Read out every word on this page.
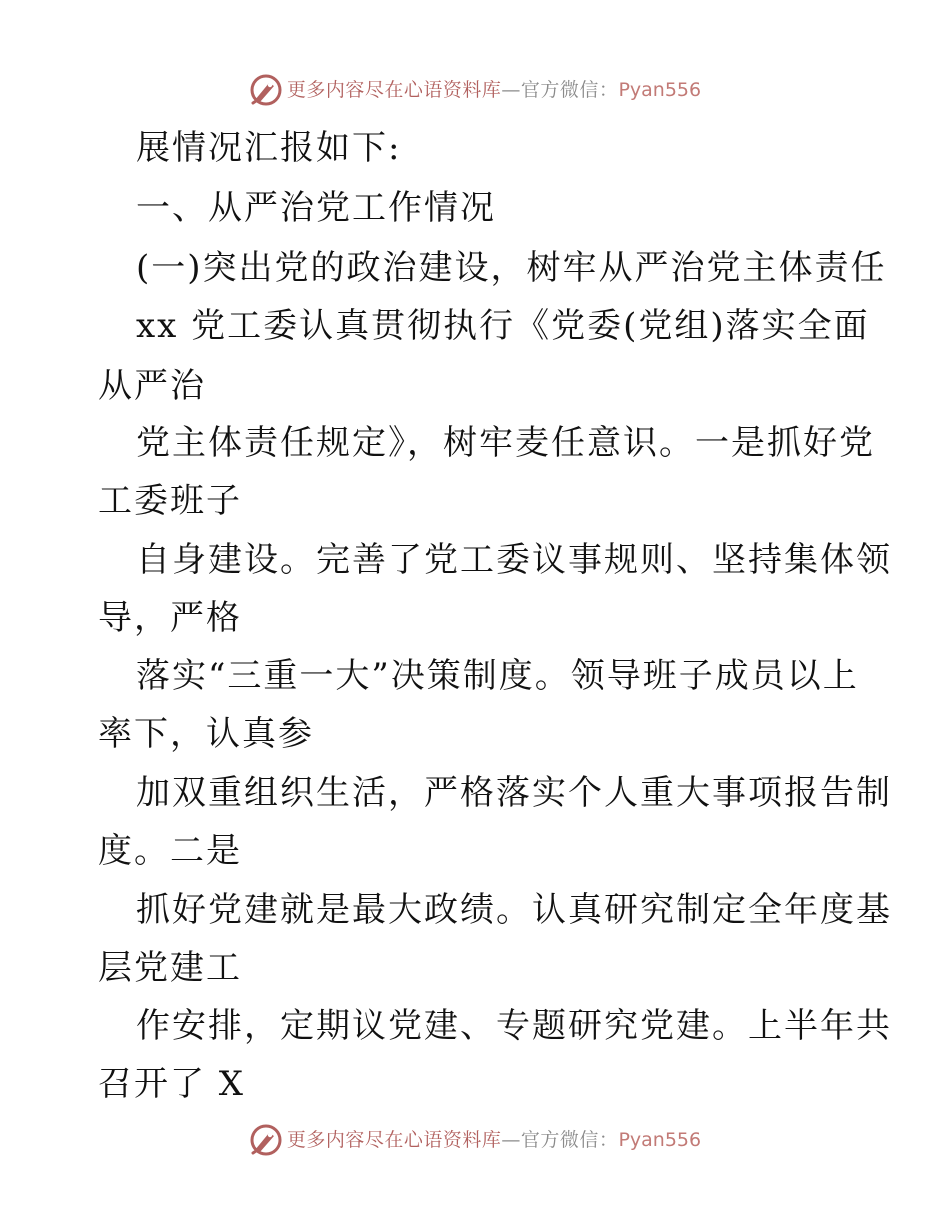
更多内容尽在心语资料库 — 官方微信： Pyan556
展情况汇报如下:
一、从严治党工作情况
(一)突出党的政治建设，树牢从严治党主体责任
xx 党工委认真贯彻执行《党委(党组)落实全面
从严治
党主体责任规定》，树牢麦任意识。一是抓好党
工委班子
自身建设。完善了党工委议事规则、坚持集体领
导，严格
落实“三重一大”决策制度。领导班子成员以上
率下，认真参
加双重组织生活，严格落实个人重大事项报告制
度。二是
抓好党建就是最大政绩。认真研究制定全年度基
层党建工
作安排，定期议党建、专题研究党建。上半年共
召开了 X
更多内容尽在心语资料库 — 官方微信： Pyan556
